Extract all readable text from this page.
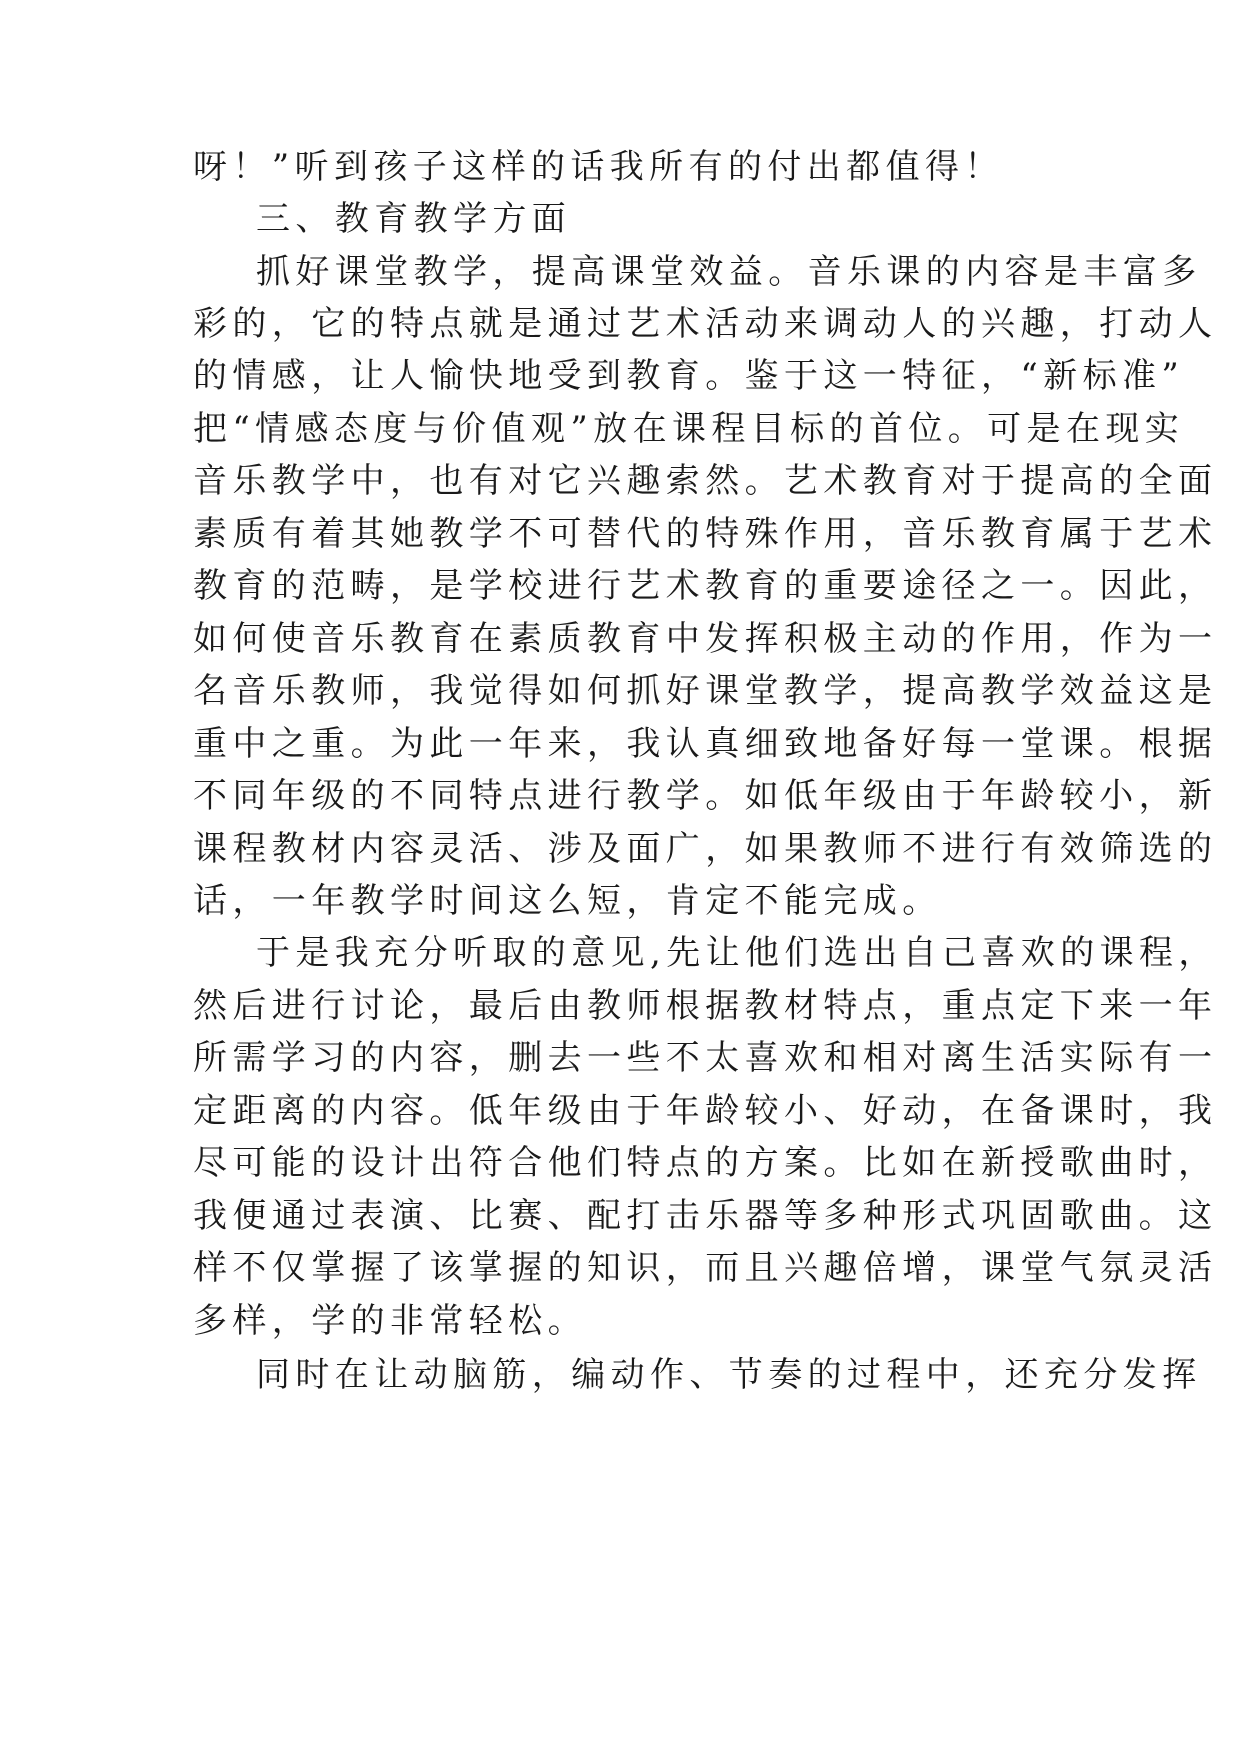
呀！”听到孩子这样的话我所有的付出都值得！
三、教育教学方面
抓好课堂教学，提高课堂效益。音乐课的内容是丰富多
彩的，它的特点就是通过艺术活动来调动人的兴趣，打动人
的情感，让人愉快地受到教育。鉴于这一特征，“新标准”
把“情感态度与价值观”放在课程目标的首位。可是在现实
音乐教学中，也有对它兴趣索然。艺术教育对于提高的全面
素质有着其她教学不可替代的特殊作用，音乐教育属于艺术
教育的范畴，是学校进行艺术教育的重要途径之一。因此，
如何使音乐教育在素质教育中发挥积极主动的作用，作为一
名音乐教师，我觉得如何抓好课堂教学，提高教学效益这是
重中之重。为此一年来，我认真细致地备好每一堂课。根据
不同年级的不同特点进行教学。如低年级由于年龄较小，新
课程教材内容灵活、涉及面广，如果教师不进行有效筛选的
话，一年教学时间这么短，肯定不能完成。
于是我充分听取的意见,先让他们选出自己喜欢的课程，
然后进行讨论，最后由教师根据教材特点，重点定下来一年
所需学习的内容，删去一些不太喜欢和相对离生活实际有一
定距离的内容。低年级由于年龄较小、好动，在备课时，我
尽可能的设计出符合他们特点的方案。比如在新授歌曲时，
我便通过表演、比赛、配打击乐器等多种形式巩固歌曲。这
样不仅掌握了该掌握的知识，而且兴趣倍增，课堂气氛灵活
多样，学的非常轻松。
同时在让动脑筋，编动作、节奏的过程中，还充分发挥
